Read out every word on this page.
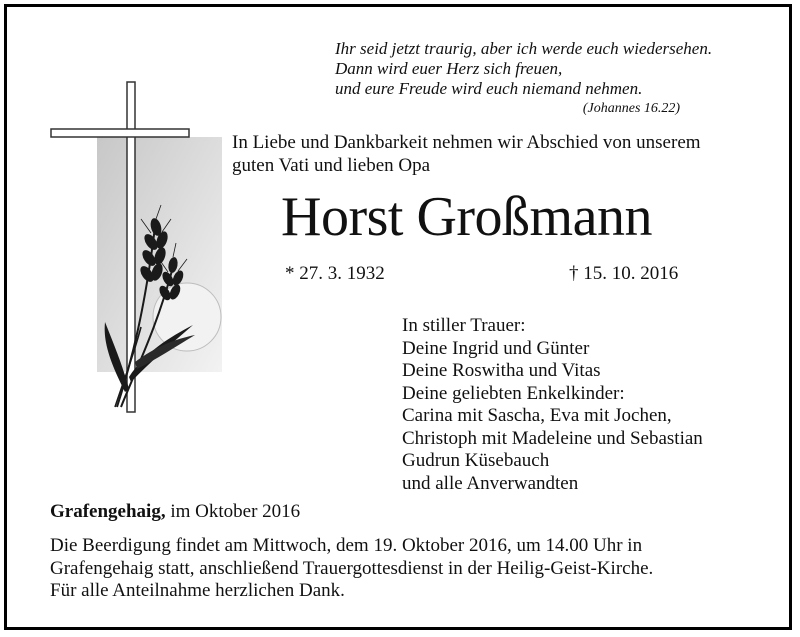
Ihr seid jetzt traurig, aber ich werde euch wiedersehen.
Dann wird euer Herz sich freuen,
und eure Freude wird euch niemand nehmen.
(Johannes 16.22)
In Liebe und Dankbarkeit nehmen wir Abschied von unserem
guten Vati und lieben Opa
Horst Großmann
* 27. 3. 1932	† 15. 10. 2016
In stiller Trauer:
Deine Ingrid und Günter
Deine Roswitha und Vitas
Deine geliebten Enkelkinder:
Carina mit Sascha, Eva mit Jochen,
Christoph mit Madeleine und Sebastian
Gudrun Küsebauch
und alle Anverwandten
Grafengehaig, im Oktober 2016
Die Beerdigung findet am Mittwoch, dem 19. Oktober 2016, um 14.00 Uhr in
Grafengehaig statt, anschließend Trauergottesdienst in der Heilig-Geist-Kirche.
Für alle Anteilnahme herzlichen Dank.
